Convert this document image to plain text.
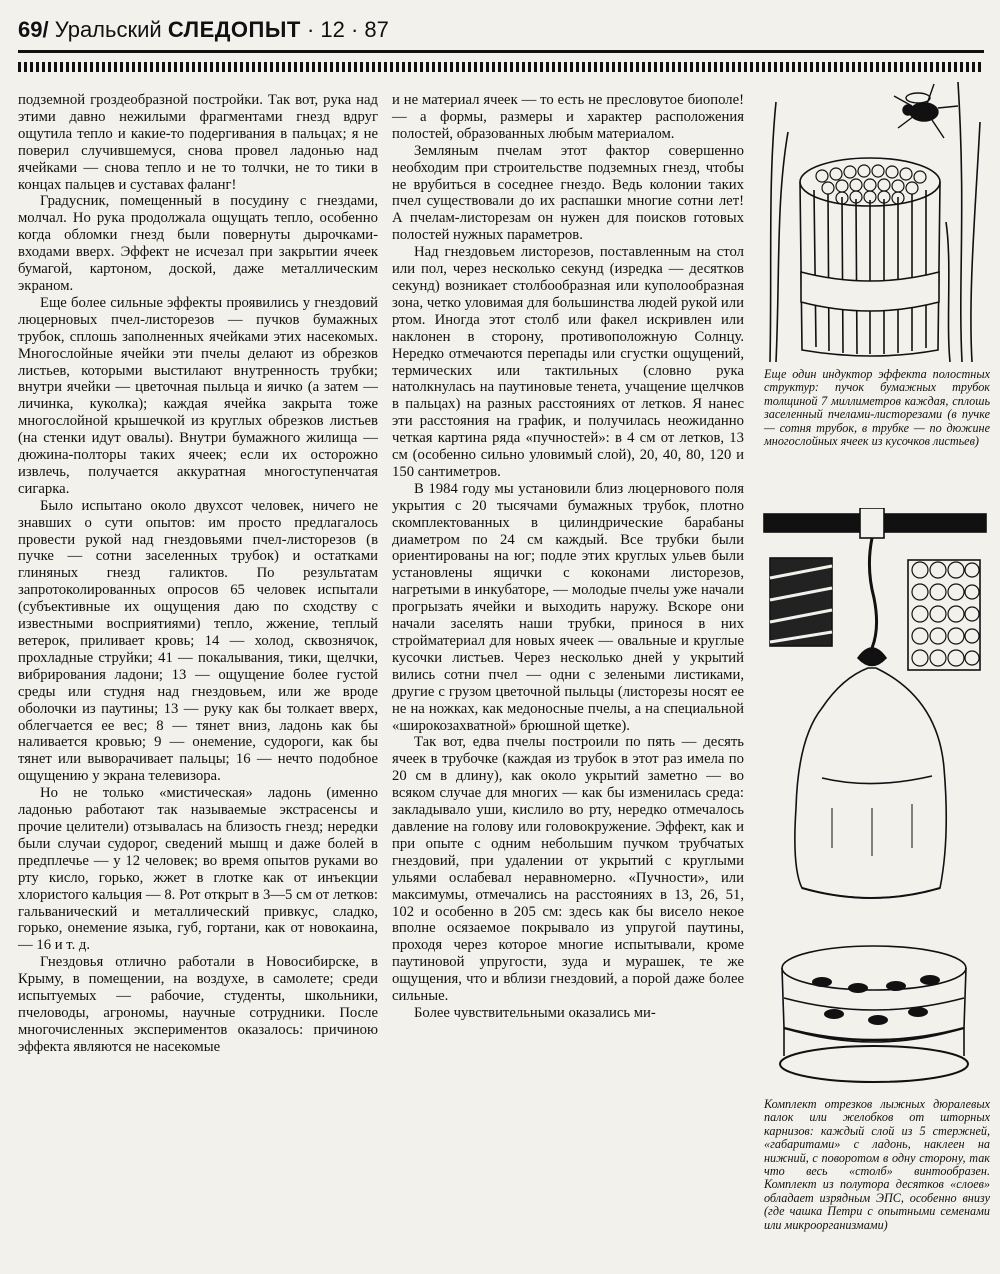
69/ Уральский СЛЕДОПЫТ · 12 · 87

подземной гроздеобразной постройки. Так вот, рука над этими давно нежилыми фрагментами гнезд вдруг ощутила тепло и какие-то подергивания в пальцах; я не поверил случившемуся, снова провел ладонью над ячейками — снова тепло и не то толчки, не то тики в концах пальцев и суставах фаланг!

Градусник, помещенный в посудину с гнездами, молчал. Но рука продолжала ощущать тепло, особенно когда обломки гнезд были повернуты дырочками-входами вверх. Эффект не исчезал при закрытии ячеек бумагой, картоном, доской, даже металлическим экраном.

Еще более сильные эффекты проявились у гнездовий люцерновых пчел-листорезов — пучков бумажных трубок, сплошь заполненных ячейками этих насекомых. Многослойные ячейки эти пчелы делают из обрезков листьев, которыми выстилают внутренность трубки; внутри ячейки — цветочная пыльца и яичко (а затем — личинка, куколка); каждая ячейка закрыта тоже многослойной крышечкой из круглых обрезков листьев (на стенки идут овалы). Внутри бумажного жилища — дюжина-полторы таких ячеек; если их осторожно извлечь, получается аккуратная многоступенчатая сигарка.

Было испытано около двухсот человек, ничего не знавших о сути опытов: им просто предлагалось провести рукой над гнездовьями пчел-листорезов (в пучке — сотни заселенных трубок) и остатками глиняных гнезд галиктов. По результатам запротоколированных опросов 65 человек испытали (субъективные их ощущения даю по сходству с известными восприятиями) тепло, жжение, теплый ветерок, приливает кровь; 14 — холод, сквознячок, прохладные струйки; 41 — покалывания, тики, щелчки, вибрирования ладони; 13 — ощущение более густой среды или студня над гнездовьем, или же вроде оболочки из паутины; 13 — руку как бы толкает вверх, облегчается ее вес; 8 — тянет вниз, ладонь как бы наливается кровью; 9 — онемение, судороги, как бы тянет или выворачивает пальцы; 16 — нечто подобное ощущению у экрана телевизора.

Но не только «мистическая» ладонь (именно ладонью работают так называемые экстрасенсы и прочие целители) отзывалась на близость гнезд; нередки были случаи судорог, сведений мышц и даже болей в предплечье — у 12 человек; во время опытов руками во рту кисло, горько, жжет в глотке как от инъекции хлористого кальция — 8. Рот открыт в 3—5 см от летков: гальванический и металлический привкус, сладко, горько, онемение языка, губ, гортани, как от новокаина, — 16 и т. д.

Гнездовья отлично работали в Новосибирске, в Крыму, в помещении, на воздухе, в самолете; среди испытуемых — рабочие, студенты, школьники, пчеловоды, агрономы, научные сотрудники. После многочисленных экспериментов оказалось: причиною эффекта являются не насекомые

и не материал ячеек — то есть не пресловутое биополе! — а формы, размеры и характер расположения полостей, образованных любым материалом.

Земляным пчелам этот фактор совершенно необходим при строительстве подземных гнезд, чтобы не врубиться в соседнее гнездо. Ведь колонии таких пчел существовали до их распашки многие сотни лет! А пчелам-листорезам он нужен для поисков готовых полостей нужных параметров.

Над гнездовьем листорезов, поставленным на стол или пол, через несколько секунд (изредка — десятков секунд) возникает столбообразная или куполообразная зона, четко уловимая для большинства людей рукой или ртом. Иногда этот столб или факел искривлен или наклонен в сторону, противоположную Солнцу. Нередко отмечаются перепады или сгустки ощущений, термических или тактильных (словно рука натолкнулась на паутиновые тенета, учащение щелчков в пальцах) на разных расстояниях от летков. Я нанес эти расстояния на график, и получилась неожиданно четкая картина ряда «пучностей»: в 4 см от летков, 13 см (особенно сильно уловимый слой), 20, 40, 80, 120 и 150 сантиметров.

В 1984 году мы установили близ люцернового поля укрытия с 20 тысячами бумажных трубок, плотно скомплектованных в цилиндрические барабаны диаметром по 24 см каждый. Все трубки были ориентированы на юг; подле этих круглых ульев были установлены ящички с коконами листорезов, нагретыми в инкубаторе, — молодые пчелы уже начали прогрызать ячейки и выходить наружу. Вскоре они начали заселять наши трубки, принося в них стройматериал для новых ячеек — овальные и круглые кусочки листьев. Через несколько дней у укрытий вились сотни пчел — одни с зелеными листиками, другие с грузом цветочной пыльцы (листорезы носят ее не на ножках, как медоносные пчелы, а на специальной «широкозахватной» брюшной щетке).

Так вот, едва пчелы построили по пять — десять ячеек в трубочке (каждая из трубок в этот раз имела по 20 см в длину), как около укрытий заметно — во всяком случае для многих — как бы изменилась среда: закладывало уши, кислило во рту, нередко отмечалось давление на голову или головокружение. Эффект, как и при опыте с одним небольшим пучком трубчатых гнездовий, при удалении от укрытий с круглыми ульями ослабевал неравномерно. «Пучности», или максимумы, отмечались на расстояниях в 13, 26, 51, 102 и особенно в 205 см: здесь как бы висело некое вполне осязаемое покрывало из упругой паутины, проходя через которое многие испытывали, кроме паутиновой упругости, зуда и мурашек, те же ощущения, что и вблизи гнездовий, а порой даже более сильные.

Более чувствительными оказались ми-

Еще один индуктор эффекта полостных структур: пучок бумажных трубок толщиной 7 миллиметров каждая, сплошь заселенный пчелами-листорезами (в пучке — сотня трубок, в трубке — по дюжине многослойных ячеек из кусочков листьев)
Комплект отрезков лыжных дюралевых палок или желобков от шторных карнизов: каждый слой из 5 стержней, «габаритами» с ладонь, наклеен на нижний, с поворотом в одну сторону, так что весь «столб» винтообразен. Комплект из полутора десятков «слоев» обладает изрядным ЭПС, особенно внизу (где чашка Петри с опытными семенами или микроорганизмами)
